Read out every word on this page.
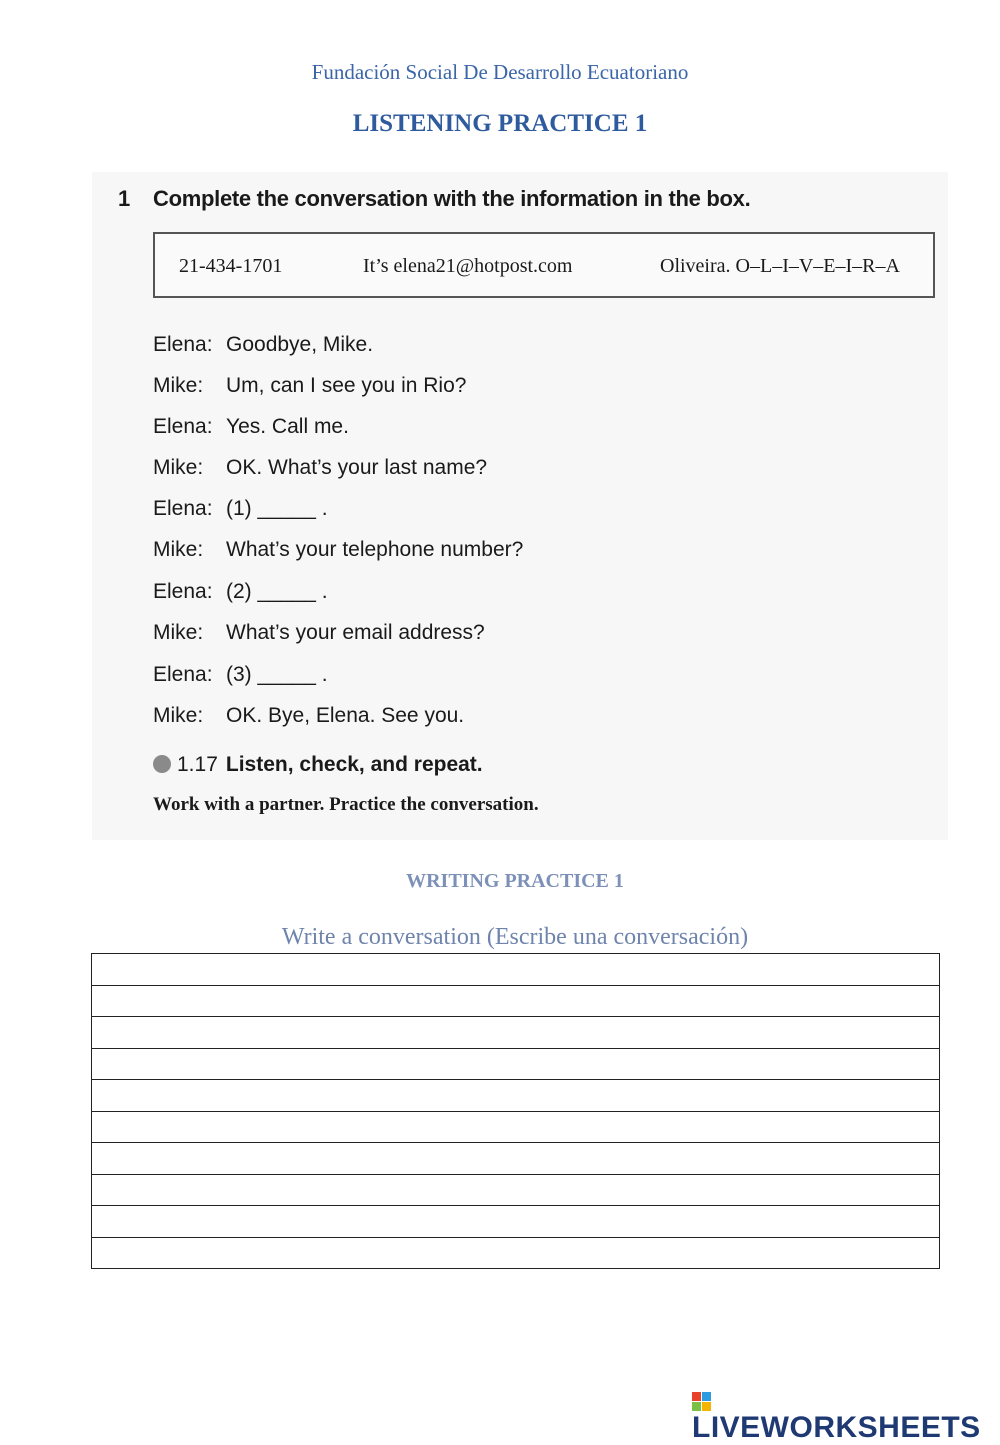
Fundación Social De Desarrollo Ecuatoriano
LISTENING PRACTICE 1
1 Complete the conversation with the information in the box.
21-434-1701	It’s elena21@hotpost.com	Oliveira. O–L–I–V–E–I–R–A
Elena: Goodbye, Mike.
Mike: Um, can I see you in Rio?
Elena: Yes. Call me.
Mike: OK. What’s your last name?
Elena: (1) _____ .
Mike: What’s your telephone number?
Elena: (2) _____ .
Mike: What’s your email address?
Elena: (3) _____ .
Mike: OK. Bye, Elena. See you.
1.17 Listen, check, and repeat.
Work with a partner. Practice the conversation.
WRITING PRACTICE 1
Write a conversation (Escribe una conversación)

LIVEWORKSHEETS
